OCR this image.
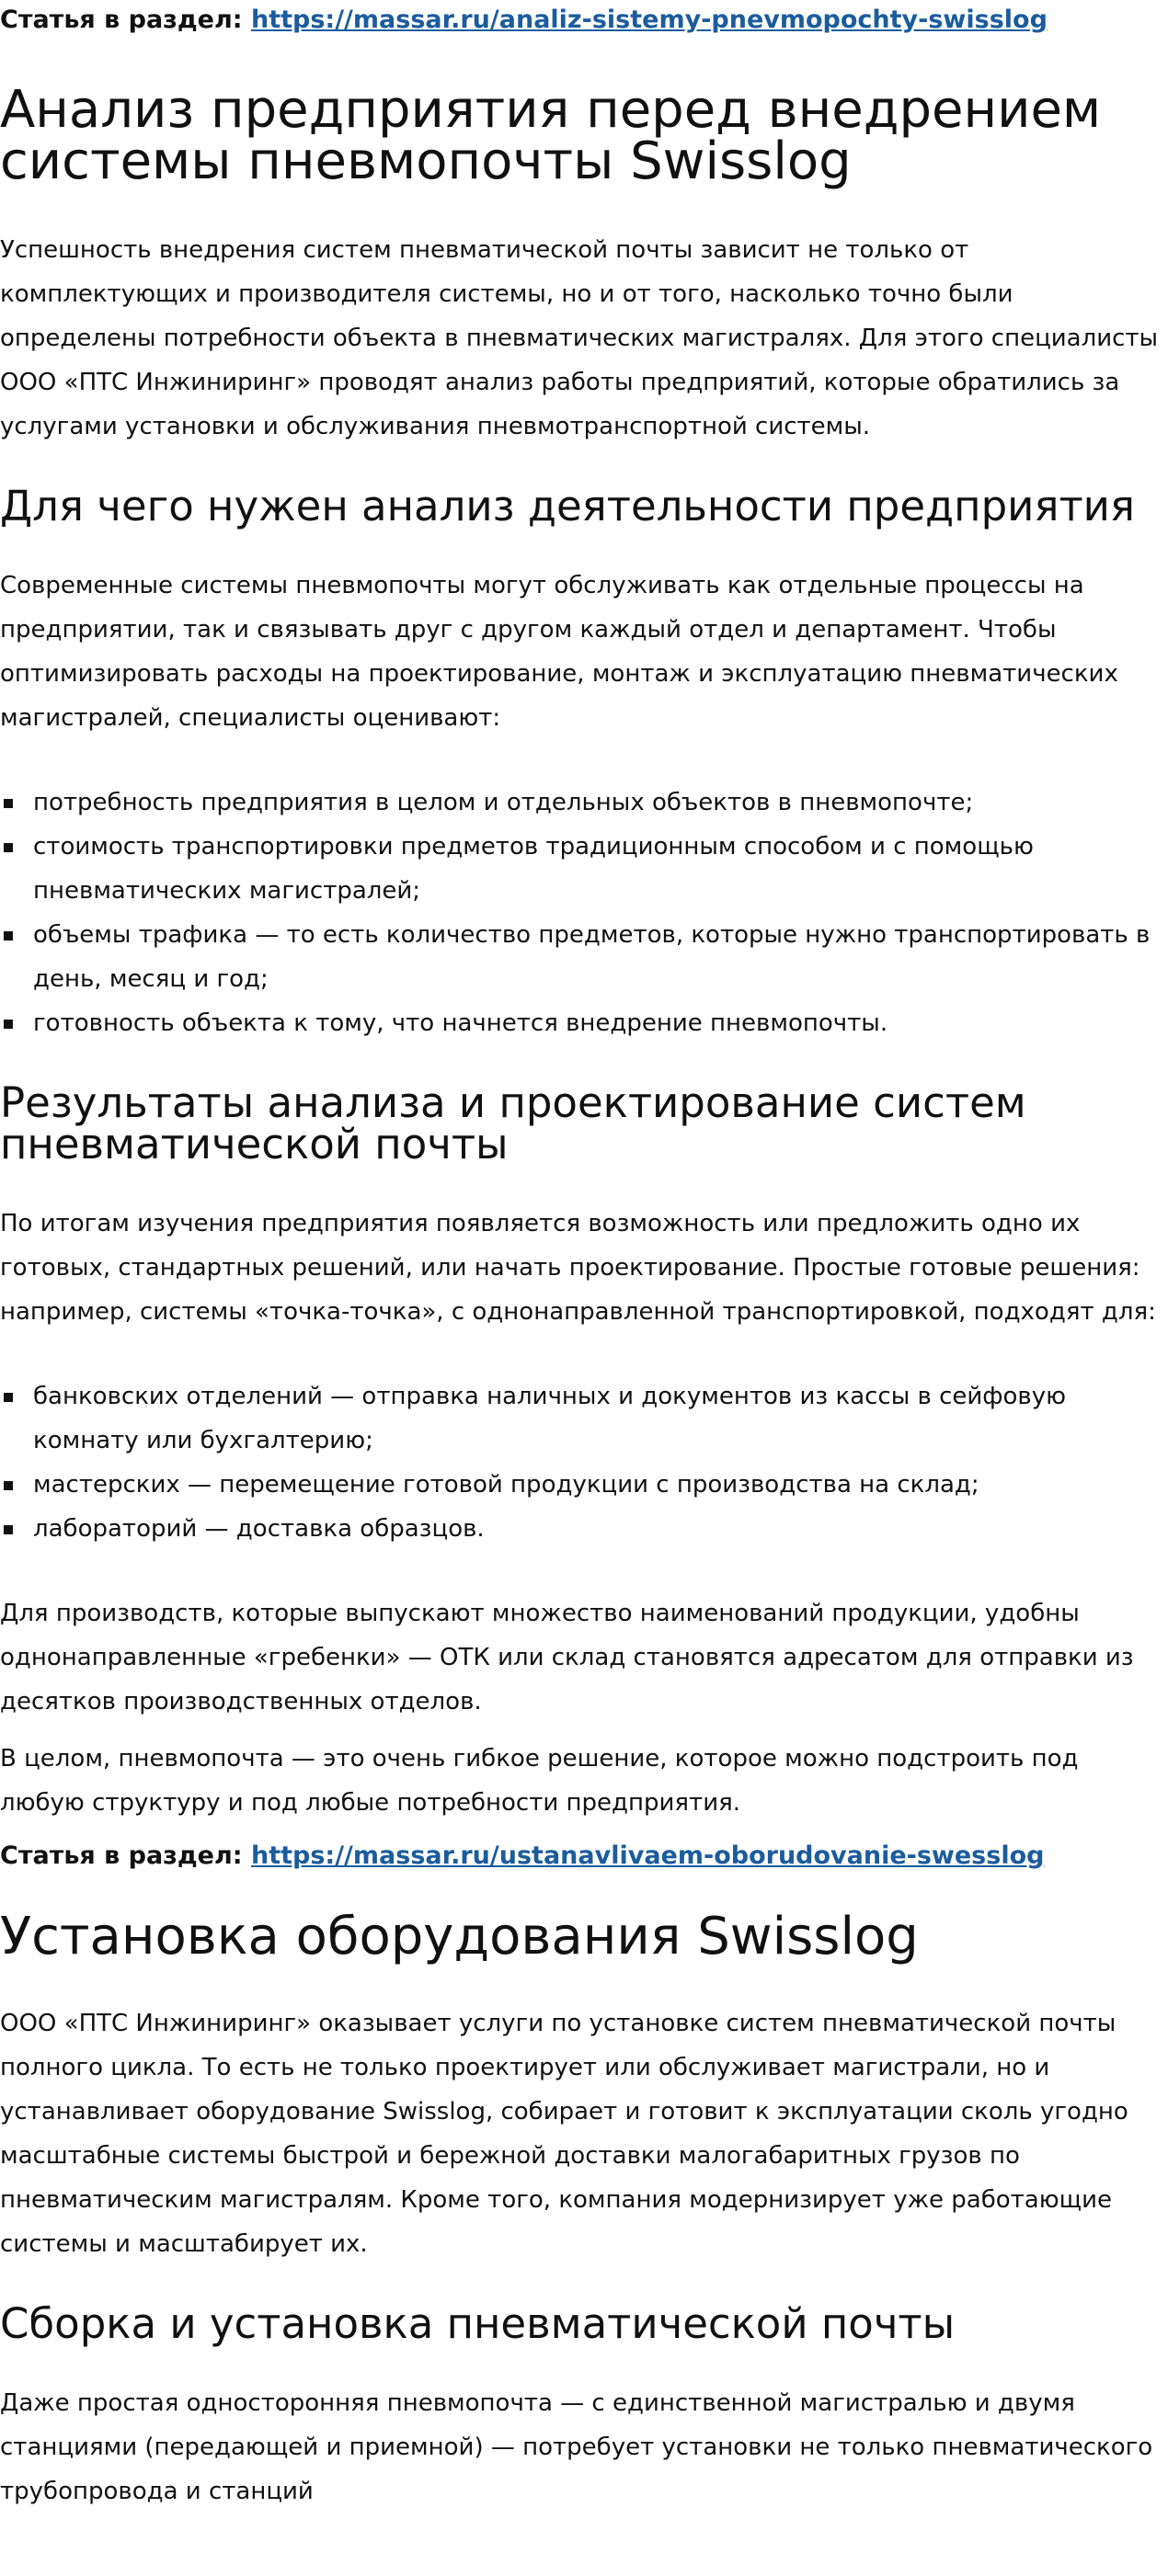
Статья в раздел: https://massar.ru/analiz-sistemy-pnevmopochty-swisslog
Анализ предприятия перед внедрением системы пневмопочты Swisslog

Успешность внедрения систем пневматической почты зависит не только от комплектующих и производителя системы, но и от того, насколько точно были определены потребности объекта в пневматических магистралях. Для этого специалисты ООО «ПТС Инжиниринг» проводят анализ работы предприятий, которые обратились за услугами установки и обслуживания пневмотранспортной системы.

Для чего нужен анализ деятельности предприятия

Современные системы пневмопочты могут обслуживать как отдельные процессы на предприятии, так и связывать друг с другом каждый отдел и департамент. Чтобы оптимизировать расходы на проектирование, монтаж и эксплуатацию пневматических магистралей, специалисты оценивают:

потребность предприятия в целом и отдельных объектов в пневмопочте;
стоимость транспортировки предметов традиционным способом и с помощью пневматических магистралей;
объемы трафика — то есть количество предметов, которые нужно транспортировать в день, месяц и год;
готовность объекта к тому, что начнется внедрение пневмопочты.
Результаты анализа и проектирование систем пневматической почты

По итогам изучения предприятия появляется возможность или предложить одно их готовых, стандартных решений, или начать проектирование. Простые готовые решения: например, системы «точка-точка», с однонаправленной транспортировкой, подходят для:

банковских отделений — отправка наличных и документов из кассы в сейфовую комнату или бухгалтерию;
мастерских — перемещение готовой продукции с производства на склад;
лабораторий — доставка образцов.

Для производств, которые выпускают множество наименований продукции, удобны однонаправленные «гребенки» — ОТК или склад становятся адресатом для отправки из десятков производственных отделов.

В целом, пневмопочта — это очень гибкое решение, которое можно подстроить под любую структуру и под любые потребности предприятия.

Статья в раздел: https://massar.ru/ustanavlivaem-oborudovanie-swesslog
Установка оборудования Swisslog

ООО «ПТС Инжиниринг» оказывает услуги по установке систем пневматической почты полного цикла. То есть не только проектирует или обслуживает магистрали, но и устанавливает оборудование Swisslog, собирает и готовит к эксплуатации сколь угодно масштабные системы быстрой и бережной доставки малогабаритных грузов по пневматическим магистралям. Кроме того, компания модернизирует уже работающие системы и масштабирует их.

Сборка и установка пневматической почты

Даже простая односторонняя пневмопочта — с единственной магистралью и двумя станциями (передающей и приемной) — потребует установки не только пневматического трубопровода и станций
